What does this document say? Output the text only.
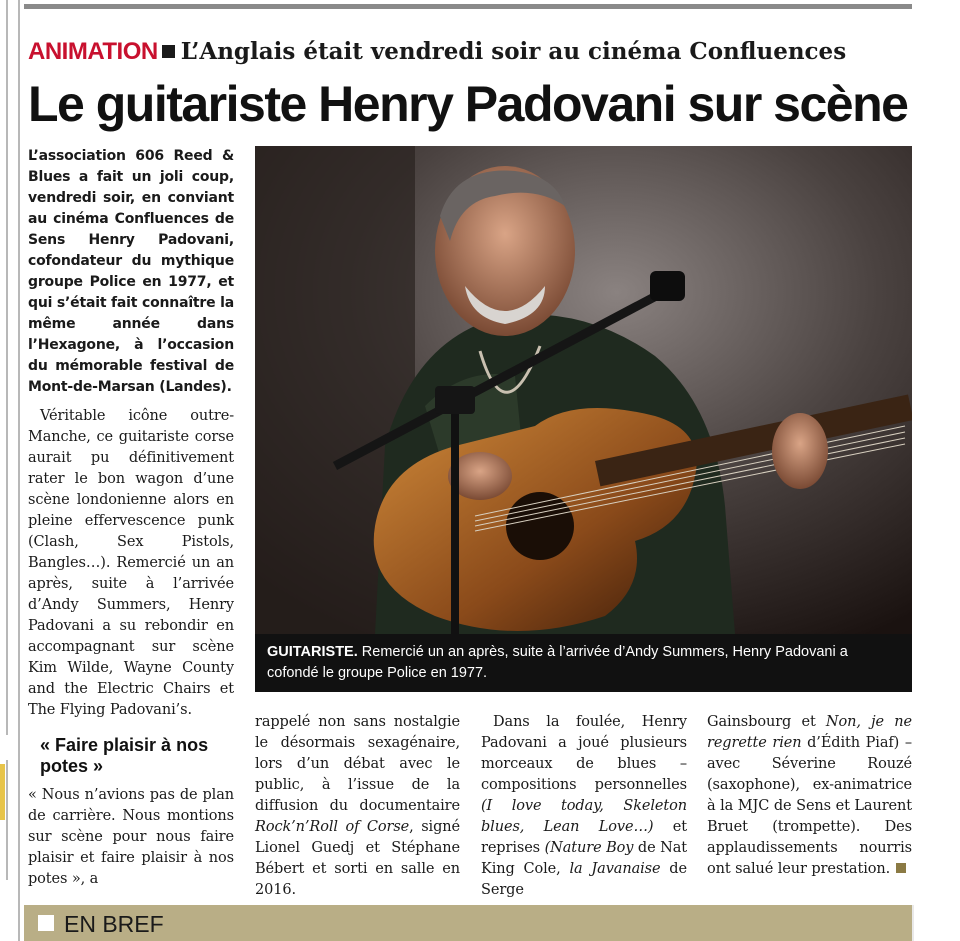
ANIMATION L’Anglais était vendredi soir au cinéma Confluences
Le guitariste Henry Padovani sur scène

L’association 606 Reed & Blues a fait un joli coup, vendredi soir, en conviant au cinéma Confluences de Sens Henry Padovani, cofondateur du mythique groupe Police en 1977, et qui s’était fait connaître la même année dans l’Hexagone, à l’occasion du mémorable festival de Mont-de-Marsan (Landes).

Véritable icône outre-Manche, ce guitariste corse aurait pu définitivement rater le bon wagon d’une scène londonienne alors en pleine effervescence punk (Clash, Sex Pistols, Bangles…). Remercié un an après, suite à l’arrivée d’Andy Summers, Henry Padovani a su rebondir en accompagnant sur scène Kim Wilde, Wayne County and the Electric Chairs et The Flying Padovani’s.

« Faire plaisir à nos potes »

« Nous n’avions pas de plan de carrière. Nous montions sur scène pour nous faire plaisir et faire plaisir à nos potes », a

GUITARISTE. Remercié un an après, suite à l’arrivée d’Andy Summers, Henry Padovani a cofondé le groupe Police en 1977.

rappelé non sans nostalgie le désormais sexagénaire, lors d’un débat avec le public, à l’issue de la diffusion du documentaire Rock’n’Roll of Corse, signé Lionel Guedj et Stéphane Bébert et sorti en salle en 2016.

Dans la foulée, Henry Padovani a joué plusieurs morceaux de blues – compositions personnelles (I love today, Skeleton blues, Lean Love…) et reprises (Nature Boy de Nat King Cole, la Javanaise de Serge

Gainsbourg et Non, je ne regrette rien d’Édith Piaf) – avec Séverine Rouzé (saxophone), ex-animatrice à la MJC de Sens et Laurent Bruet (trompette). Des applaudissements nourris ont salué leur prestation.

EN BREF
